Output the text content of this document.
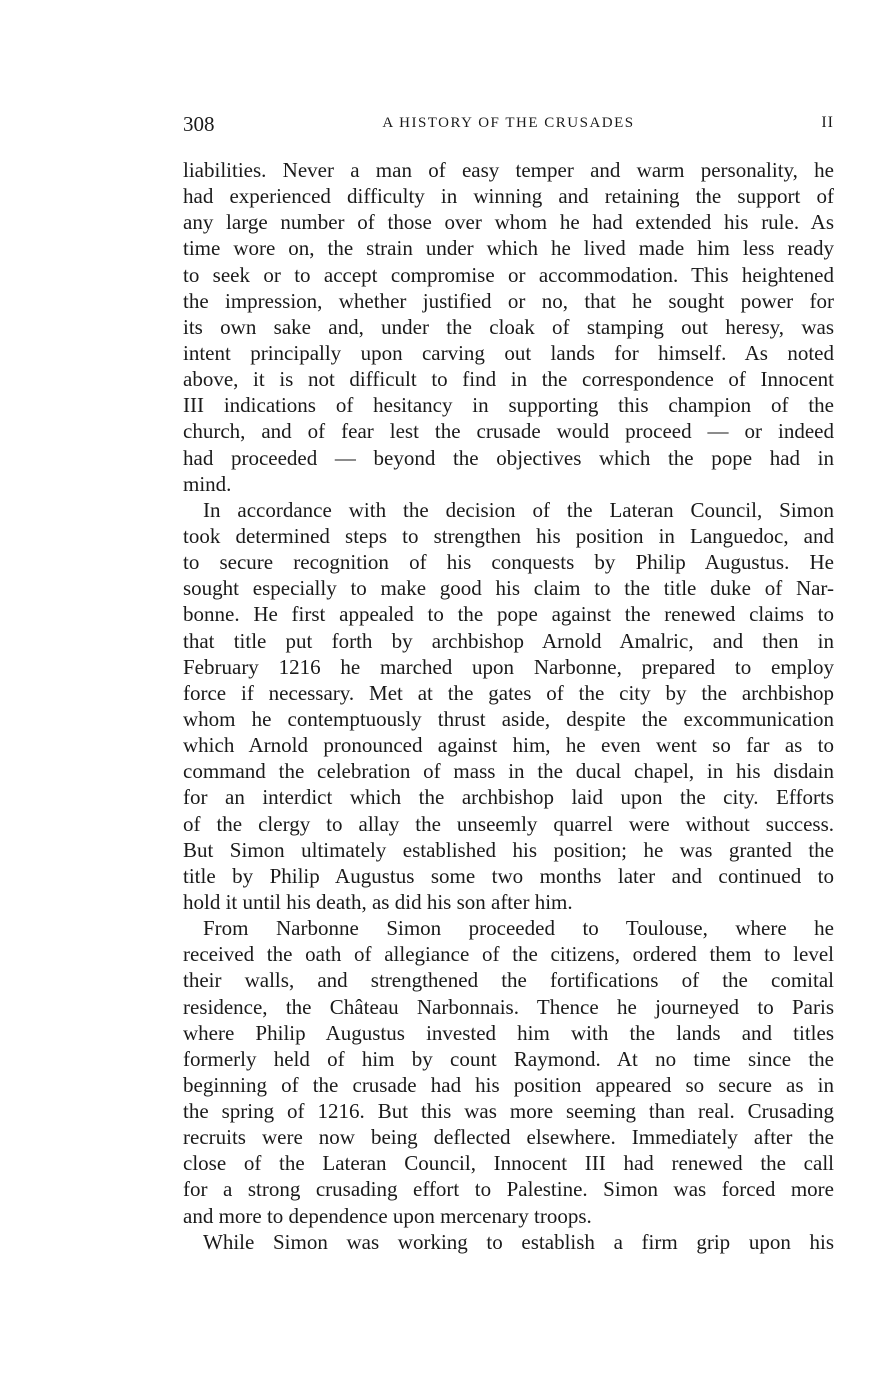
308	A HISTORY OF THE CRUSADES	II
liabilities. Never a man of easy temper and warm personality, he
had experienced difficulty in winning and retaining the support of
any large number of those over whom he had extended his rule. As
time wore on, the strain under which he lived made him less ready
to seek or to accept compromise or accommodation. This heightened
the impression, whether justified or no, that he sought power for
its own sake and, under the cloak of stamping out heresy, was
intent principally upon carving out lands for himself. As noted
above, it is not difficult to find in the correspondence of Innocent
III indications of hesitancy in supporting this champion of the
church, and of fear lest the crusade would proceed — or indeed
had proceeded — beyond the objectives which the pope had in
mind.
In accordance with the decision of the Lateran Council, Simon
took determined steps to strengthen his position in Languedoc, and
to secure recognition of his conquests by Philip Augustus. He
sought especially to make good his claim to the title duke of Nar-
bonne. He first appealed to the pope against the renewed claims to
that title put forth by archbishop Arnold Amalric, and then in
February 1216 he marched upon Narbonne, prepared to employ
force if necessary. Met at the gates of the city by the archbishop
whom he contemptuously thrust aside, despite the excommunication
which Arnold pronounced against him, he even went so far as to
command the celebration of mass in the ducal chapel, in his disdain
for an interdict which the archbishop laid upon the city. Efforts
of the clergy to allay the unseemly quarrel were without success.
But Simon ultimately established his position; he was granted the
title by Philip Augustus some two months later and continued to
hold it until his death, as did his son after him.
From Narbonne Simon proceeded to Toulouse, where he
received the oath of allegiance of the citizens, ordered them to level
their walls, and strengthened the fortifications of the comital
residence, the Château Narbonnais. Thence he journeyed to Paris
where Philip Augustus invested him with the lands and titles
formerly held of him by count Raymond. At no time since the
beginning of the crusade had his position appeared so secure as in
the spring of 1216. But this was more seeming than real. Crusading
recruits were now being deflected elsewhere. Immediately after the
close of the Lateran Council, Innocent III had renewed the call
for a strong crusading effort to Palestine. Simon was forced more
and more to dependence upon mercenary troops.
While Simon was working to establish a firm grip upon his
